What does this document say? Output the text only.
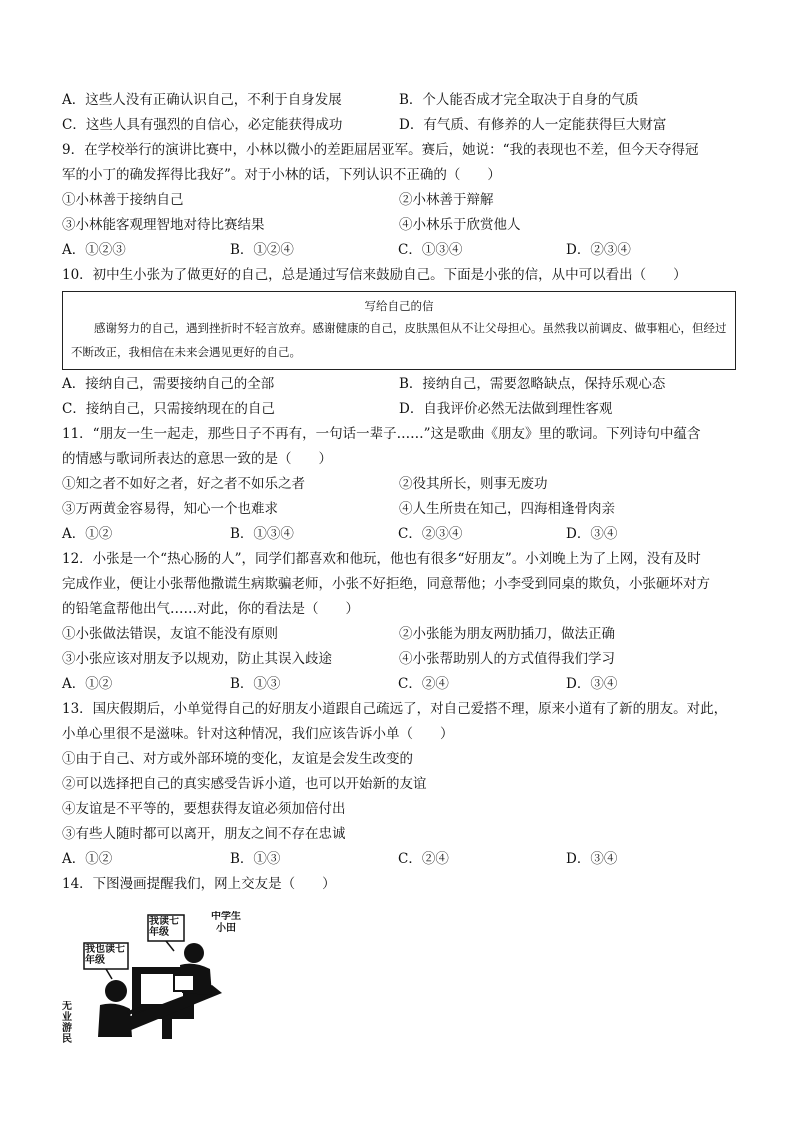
A．这些人没有正确认识自己，不利于自身发展	B．个人能否成才完全取决于自身的气质
C．这些人具有强烈的自信心，必定能获得成功	D．有气质、有修养的人一定能获得巨大财富
9．在学校举行的演讲比赛中，小林以微小的差距屈居亚军。赛后，她说：“我的表现也不差，但今天夺得冠
军的小丁的确发挥得比我好”。对于小林的话，下列认识不正确的（　　）
①小林善于接纳自己	②小林善于辩解
③小林能客观理智地对待比赛结果	④小林乐于欣赏他人
A．①②③	B．①②④	C．①③④	D．②③④
10．初中生小张为了做更好的自己，总是通过写信来鼓励自己。下面是小张的信，从中可以看出（　　）
写给自己的信
感谢努力的自己，遇到挫折时不轻言放弃。感谢健康的自己，皮肤黑但从不让父母担心。虽然我以前调皮、做事粗心，但经过不断改正，我相信在未来会遇见更好的自己。
A．接纳自己，需要接纳自己的全部	B．接纳自己，需要忽略缺点，保持乐观心态
C．接纳自己，只需接纳现在的自己	D．自我评价必然无法做到理性客观
11．“朋友一生一起走，那些日子不再有，一句话一辈子……”这是歌曲《朋友》里的歌词。下列诗句中蕴含
的情感与歌词所表达的意思一致的是（　　）
①知之者不如好之者，好之者不如乐之者	②役其所长，则事无废功
③万两黄金容易得，知心一个也难求	④人生所贵在知己，四海相逢骨肉亲
A．①②	B．①③④	C．②③④	D．③④
12．小张是一个“热心肠的人”，同学们都喜欢和他玩，他也有很多“好朋友”。小刘晚上为了上网，没有及时
完成作业，便让小张帮他撒谎生病欺骗老师，小张不好拒绝，同意帮他；小李受到同桌的欺负，小张砸坏对方
的铅笔盒帮他出气……对此，你的看法是（　　）
①小张做法错误，友谊不能没有原则	②小张能为朋友两肋插刀，做法正确
③小张应该对朋友予以规劝，防止其误入歧途	④小张帮助别人的方式值得我们学习
A．①②	B．①③	C．②④	D．③④
13．国庆假期后，小单觉得自己的好朋友小道跟自己疏远了，对自己爱搭不理，原来小道有了新的朋友。对此，
小单心里很不是滋味。针对这种情况，我们应该告诉小单（　　）
①由于自己、对方或外部环境的变化，友谊是会发生改变的
②可以选择把自己的真实感受告诉小道，也可以开始新的友谊
④友谊是不平等的，要想获得友谊必须加倍付出
③有些人随时都可以离开，朋友之间不存在忠诚
A．①②	B．①③	C．②④	D．③④
14．下图漫画提醒我们，网上交友是（　　）
我读七年级
我也读七年级
中学生小田
无业游民
